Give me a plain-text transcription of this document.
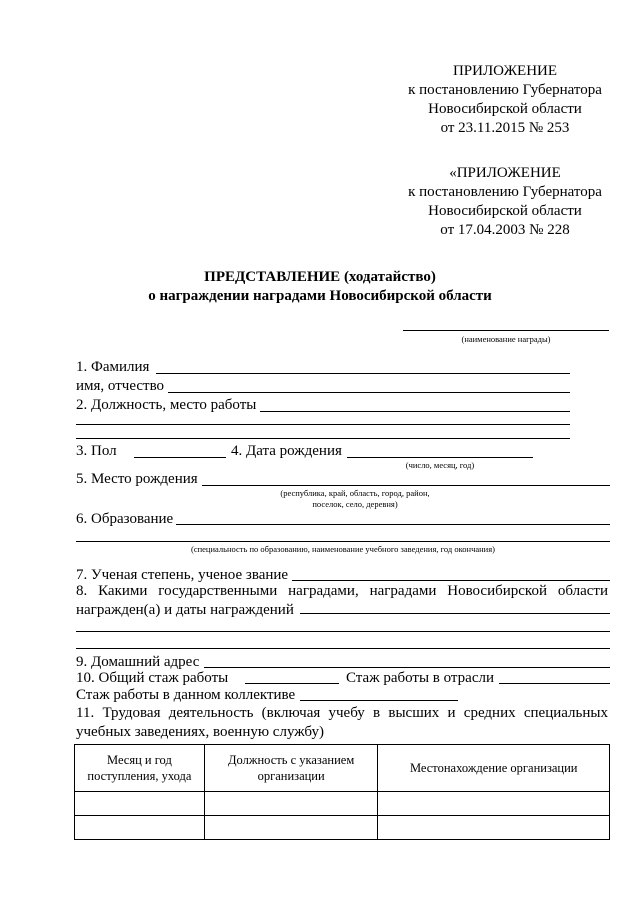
ПРИЛОЖЕНИЕ
к постановлению Губернатора
Новосибирской области
от 23.11.2015 № 253
«ПРИЛОЖЕНИЕ
к постановлению Губернатора
Новосибирской области
от 17.04.2003 № 228
ПРЕДСТАВЛЕНИЕ (ходатайство)
о награждении наградами Новосибирской области
(наименование награды)
1. Фамилия
имя, отчество
2. Должность, место работы
3. Пол	4. Дата рождения
(число, месяц, год)
5. Место рождения
(республика, край, область, город, район,
поселок, село, деревня)
6. Образование
(специальность по образованию, наименование учебного заведения, год окончания)
7. Ученая степень, ученое звание
8. Какими государственными наградами, наградами Новосибирской области награжден(а) и даты награждений
9. Домашний адрес
10. Общий стаж работы	Стаж работы в отрасли
Стаж работы в данном коллективе
11. Трудовая деятельность (включая учебу в высших и средних специальных учебных заведениях, военную службу)
Месяц и год поступления, ухода	Должность с указанием организации	Местонахождение организации
